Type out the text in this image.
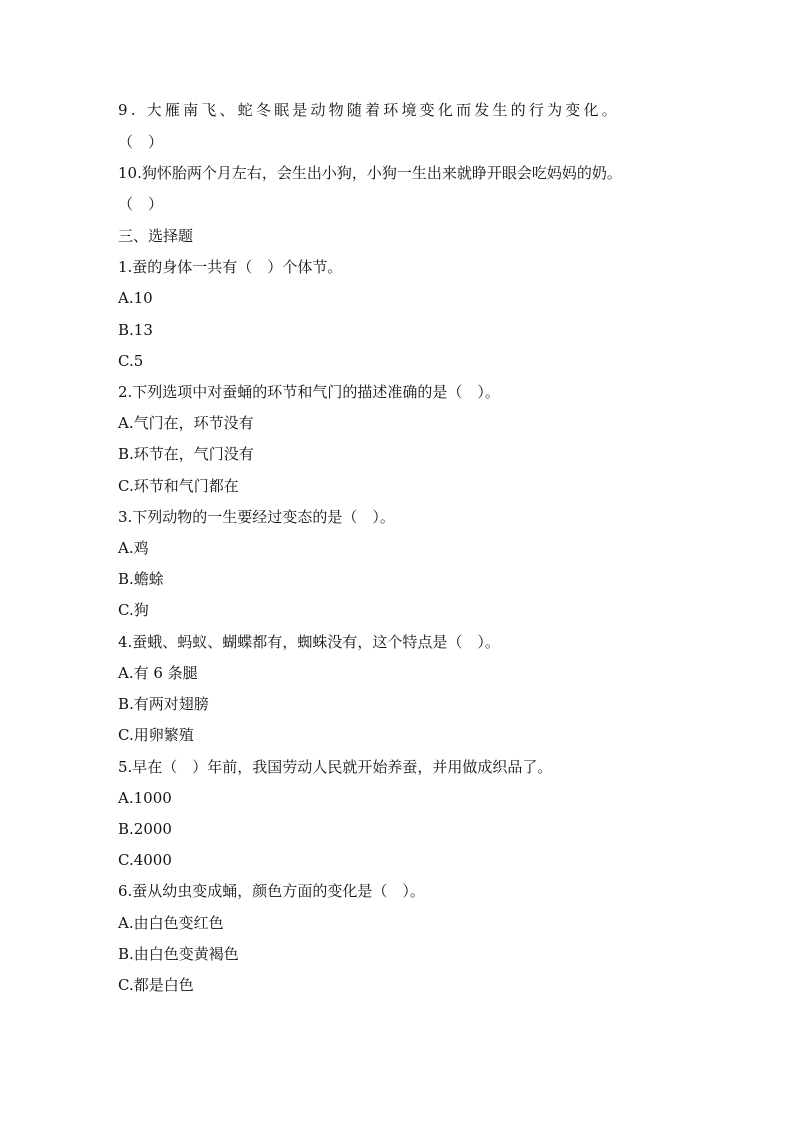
9. 大雁南飞、蛇冬眠是动物随着环境变化而发生的行为变化。
（　）
10.狗怀胎两个月左右，会生出小狗，小狗一生出来就睁开眼会吃妈妈的奶。
（　）
三、选择题
1.蚕的身体一共有（　）个体节。
A.10
B.13
C.5
2.下列选项中对蚕蛹的环节和气门的描述准确的是（　）。
A.气门在，环节没有
B.环节在，气门没有
C.环节和气门都在
3.下列动物的一生要经过变态的是（　）。
A.鸡
B.蟾蜍
C.狗
4.蚕蛾、蚂蚁、蝴蝶都有，蜘蛛没有，这个特点是（　）。
A.有 6 条腿
B.有两对翅膀
C.用卵繁殖
5.早在（　）年前，我国劳动人民就开始养蚕，并用做成织品了。
A.1000
B.2000
C.4000
6.蚕从幼虫变成蛹，颜色方面的变化是（　）。
A.由白色变红色
B.由白色变黄褐色
C.都是白色
